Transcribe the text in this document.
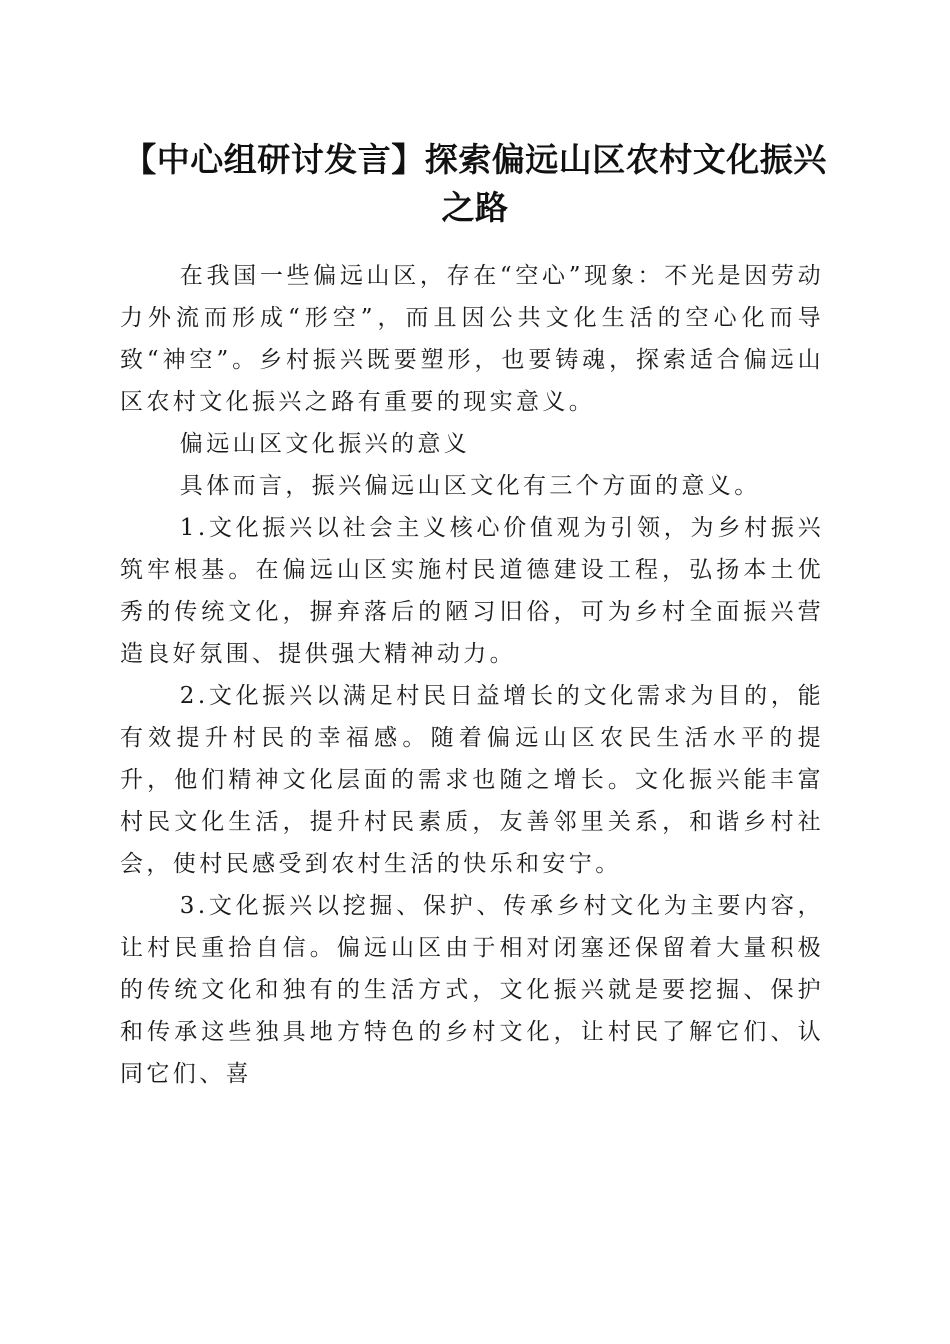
【中心组研讨发言】探索偏远山区农村文化振兴之路

在我国一些偏远山区，存在“空心”现象：不光是因劳动力外流而形成“形空”，而且因公共文化生活的空心化而导致“神空”。乡村振兴既要塑形，也要铸魂，探索适合偏远山区农村文化振兴之路有重要的现实意义。

偏远山区文化振兴的意义

具体而言，振兴偏远山区文化有三个方面的意义。

1.文化振兴以社会主义核心价值观为引领，为乡村振兴筑牢根基。在偏远山区实施村民道德建设工程，弘扬本土优秀的传统文化，摒弃落后的陋习旧俗，可为乡村全面振兴营造良好氛围、提供强大精神动力。

2.文化振兴以满足村民日益增长的文化需求为目的，能有效提升村民的幸福感。随着偏远山区农民生活水平的提升，他们精神文化层面的需求也随之增长。文化振兴能丰富村民文化生活，提升村民素质，友善邻里关系，和谐乡村社会，使村民感受到农村生活的快乐和安宁。

3.文化振兴以挖掘、保护、传承乡村文化为主要内容，让村民重拾自信。偏远山区由于相对闭塞还保留着大量积极的传统文化和独有的生活方式，文化振兴就是要挖掘、保护和传承这些独具地方特色的乡村文化，让村民了解它们、认同它们、喜
